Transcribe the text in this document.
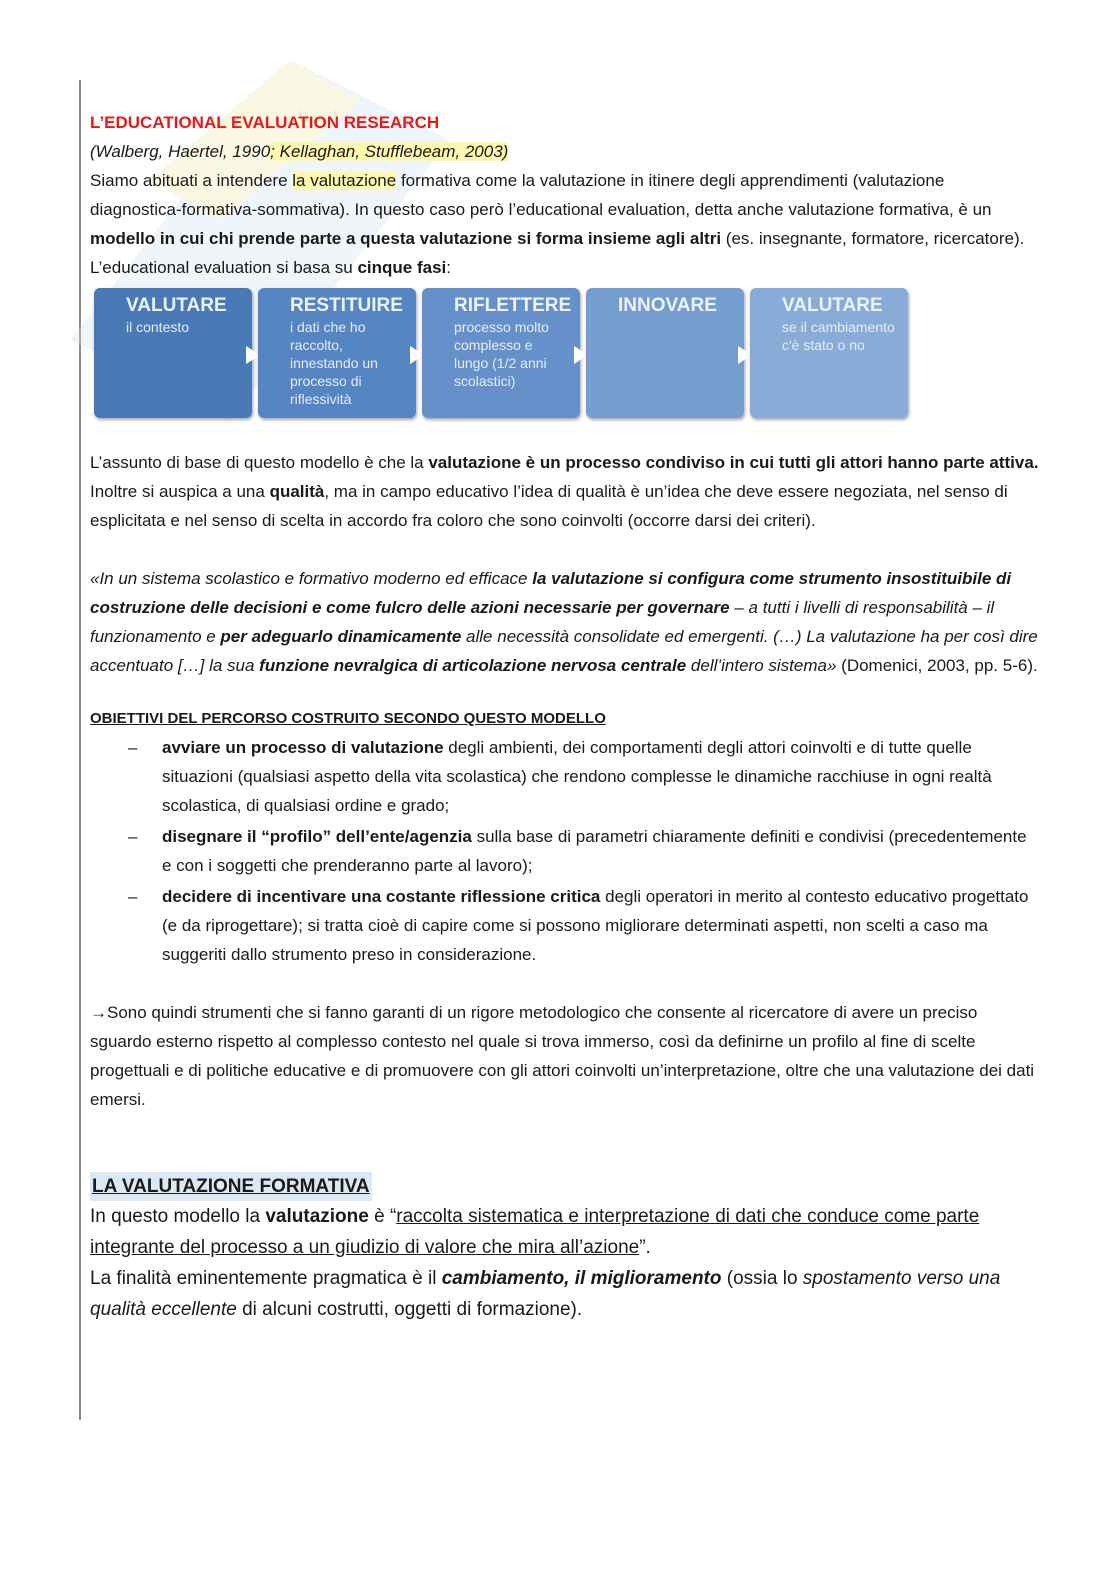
L’EDUCATIONAL EVALUATION RESEARCH

(Walberg, Haertel, 1990; Kellaghan, Stufflebeam, 2003)

Siamo abituati a intendere la valutazione formativa come la valutazione in itinere degli apprendimenti (valutazione diagnostica-formativa-sommativa). In questo caso però l’educational evaluation, detta anche valutazione formativa, è un modello in cui chi prende parte a questa valutazione si forma insieme agli altri (es. insegnante, formatore, ricercatore).

L’educational evaluation si basa su cinque fasi:

VALUTARE
il contesto
RESTITUIRE
i dati che ho raccolto, innestando un processo di riflessività
RIFLETTERE
processo molto complesso e lungo (1/2 anni scolastici)
INNOVARE	VALUTARE
se il cambiamento c'è stato o no

L’assunto di base di questo modello è che la valutazione è un processo condiviso in cui tutti gli attori hanno parte attiva.

Inoltre si auspica a una qualità, ma in campo educativo l’idea di qualità è un’idea che deve essere negoziata, nel senso di esplicitata e nel senso di scelta in accordo fra coloro che sono coinvolti (occorre darsi dei criteri).

«In un sistema scolastico e formativo moderno ed efficace la valutazione si configura come strumento insostituibile di costruzione delle decisioni e come fulcro delle azioni necessarie per governare – a tutti i livelli di responsabilità – il funzionamento e per adeguarlo dinamicamente alle necessità consolidate ed emergenti. (…) La valutazione ha per così dire accentuato […] la sua funzione nevralgica di articolazione nervosa centrale dell’intero sistema» (Domenici, 2003, pp. 5-6).

OBIETTIVI DEL PERCORSO COSTRUITO SECONDO QUESTO MODELLO

– avviare un processo di valutazione degli ambienti, dei comportamenti degli attori coinvolti e di tutte quelle situazioni (qualsiasi aspetto della vita scolastica) che rendono complesse le dinamiche racchiuse in ogni realtà scolastica, di qualsiasi ordine e grado;
– disegnare il “profilo” dell’ente/agenzia sulla base di parametri chiaramente definiti e condivisi (precedentemente e con i soggetti che prenderanno parte al lavoro);
– decidere di incentivare una costante riflessione critica degli operatori in merito al contesto educativo progettato (e da riprogettare); si tratta cioè di capire come si possono migliorare determinati aspetti, non scelti a caso ma suggeriti dallo strumento preso in considerazione.

→Sono quindi strumenti che si fanno garanti di un rigore metodologico che consente al ricercatore di avere un preciso sguardo esterno rispetto al complesso contesto nel quale si trova immerso, così da definirne un profilo al fine di scelte progettuali e di politiche educative e di promuovere con gli attori coinvolti un’interpretazione, oltre che una valutazione dei dati emersi.

LA VALUTAZIONE FORMATIVA

In questo modello la valutazione è “raccolta sistematica e interpretazione di dati che conduce come parte integrante del processo a un giudizio di valore che mira all’azione”.

La finalità eminentemente pragmatica è il cambiamento, il miglioramento (ossia lo spostamento verso una qualità eccellente di alcuni costrutti, oggetti di formazione).
